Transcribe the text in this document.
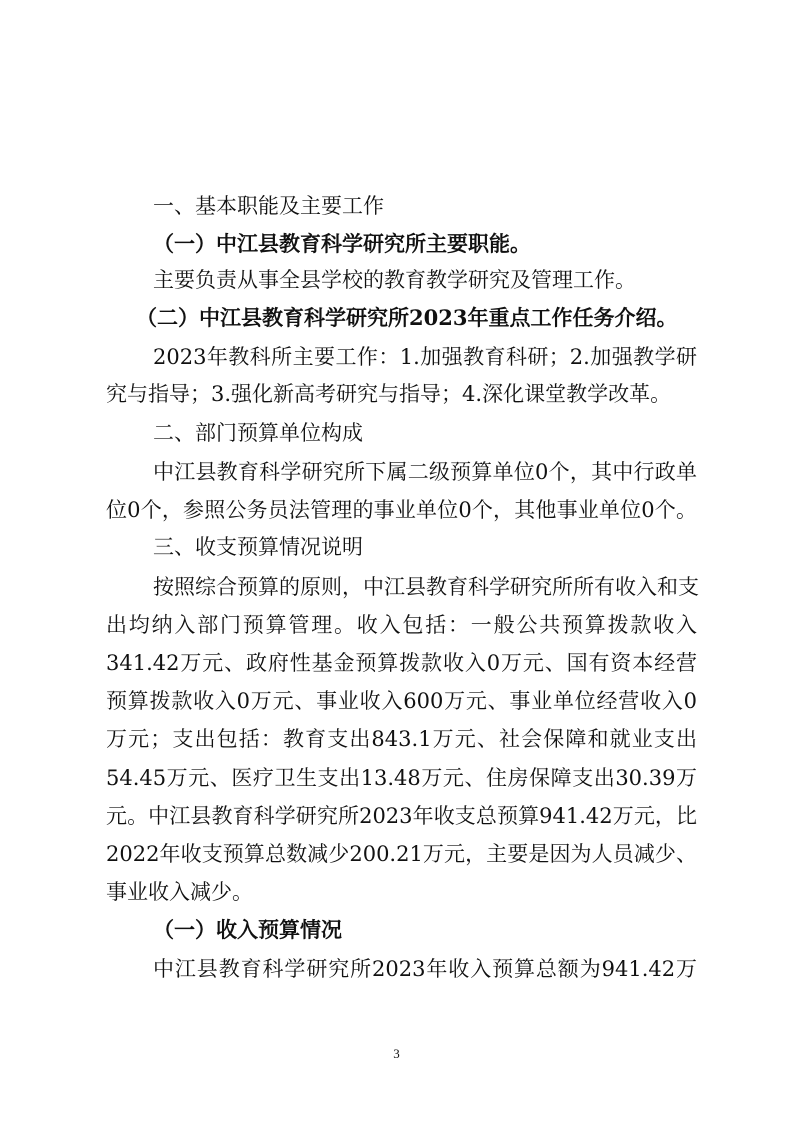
一、基本职能及主要工作
（一）中江县教育科学研究所主要职能。
主要负责从事全县学校的教育教学研究及管理工作。
（二）中江县教育科学研究所2023年重点工作任务介绍。
2023年教科所主要工作：1.加强教育科研；2.加强教学研
究与指导；3.强化新高考研究与指导；4.深化课堂教学改革。
二、部门预算单位构成
中江县教育科学研究所下属二级预算单位0个，其中行政单
位0个，参照公务员法管理的事业单位0个，其他事业单位0个。
三、收支预算情况说明
按照综合预算的原则，中江县教育科学研究所所有收入和支
出均纳入部门预算管理。收入包括：一般公共预算拨款收入
341.42万元、政府性基金预算拨款收入0万元、国有资本经营
预算拨款收入0万元、事业收入600万元、事业单位经营收入0
万元；支出包括：教育支出843.1万元、社会保障和就业支出
54.45万元、医疗卫生支出13.48万元、住房保障支出30.39万
元。中江县教育科学研究所2023年收支总预算941.42万元，比
2022年收支预算总数减少200.21万元，主要是因为人员减少、
事业收入减少。
（一）收入预算情况
中江县教育科学研究所2023年收入预算总额为941.42万
3
